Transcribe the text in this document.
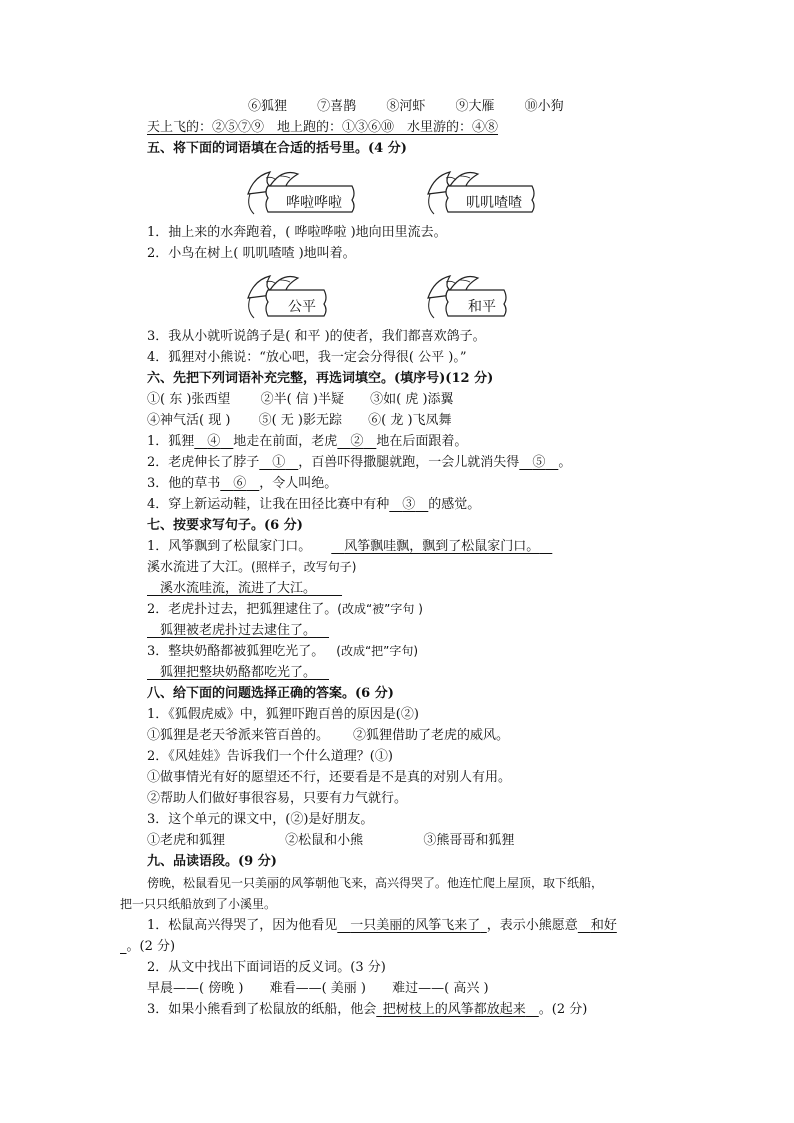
⑥狐狸 ⑦喜鹊 ⑧河虾 ⑨大雁 ⑩小狗
天上飞的：②⑤⑦⑨　地上跑的：①③⑥⑩　水里游的：④⑧
五、将下面的词语填在合适的括号里。(4 分)
哗啦哗啦	叽叽喳喳
1．抽上来的水奔跑着，( 哗啦哗啦 )地向田里流去。
2．小鸟在树上( 叽叽喳喳 )地叫着。
公平	和平
3．我从小就听说鸽子是( 和平 )的使者，我们都喜欢鸽子。
4．狐狸对小熊说：“放心吧，我一定会分得很( 公平 )。”
六、先把下列词语补充完整，再选词填空。(填序号)(12 分)
①( 东 )张西望 ②半( 信 )半疑 ③如( 虎 )添翼
④神气活( 现 ) ⑤( 无 )影无踪 ⑥( 龙 )飞凤舞
1．狐狸   ④   地走在前面，老虎   ②   地在后面跟着。
2．老虎伸长了脖子   ①   ，百兽吓得撒腿就跑，一会儿就消失得   ⑤   。
3．他的草书   ⑥   ，令人叫绝。
4．穿上新运动鞋，让我在田径比赛中有种   ③   的感觉。
七、按要求写句子。(6 分)
1．风筝飘到了松鼠家门口。  	风筝飘哇飘，飘到了松鼠家门口。  
溪水流进了大江。(照样子，改写句子)
  溪水流哇流，流进了大江。    
2．老虎扑过去，把狐狸逮住了。(改成“被”字句 )
  狐狸被老虎扑过去逮住了。  
3．整块奶酪都被狐狸吃光了。 (改成“把”字句)
  狐狸把整块奶酪都吃光了。  
八、给下面的问题选择正确的答案。(6 分)
1．《狐假虎威》中，狐狸吓跑百兽的原因是(②)
①狐狸是老天爷派来管百兽的。 ②狐狸借助了老虎的威风。
2．《风娃娃》告诉我们一个什么道理？(①)
①做事情光有好的愿望还不行，还要看是不是真的对别人有用。
②帮助人们做好事很容易，只要有力气就行。
3．这个单元的课文中，(②)是好朋友。
①老虎和狐狸	②松鼠和小熊	③熊哥哥和狐狸
九、品读语段。(9 分)
傍晚，松鼠看见一只美丽的风筝朝他飞来，高兴得哭了。他连忙爬上屋顶，取下纸船，
把一只只纸船放到了小溪里。
1．松鼠高兴得哭了，因为他看见   一只美丽的风筝飞来了  ，表示小熊愿意   和好
 。(2 分)
2．从文中找出下面词语的反义词。(3 分)
早晨——( 傍晚 ) 难看——( 美丽 ) 难过——( 高兴 )
3．如果小熊看到了松鼠放的纸船，他会  把树枝上的风筝都放起来   。(2 分)
